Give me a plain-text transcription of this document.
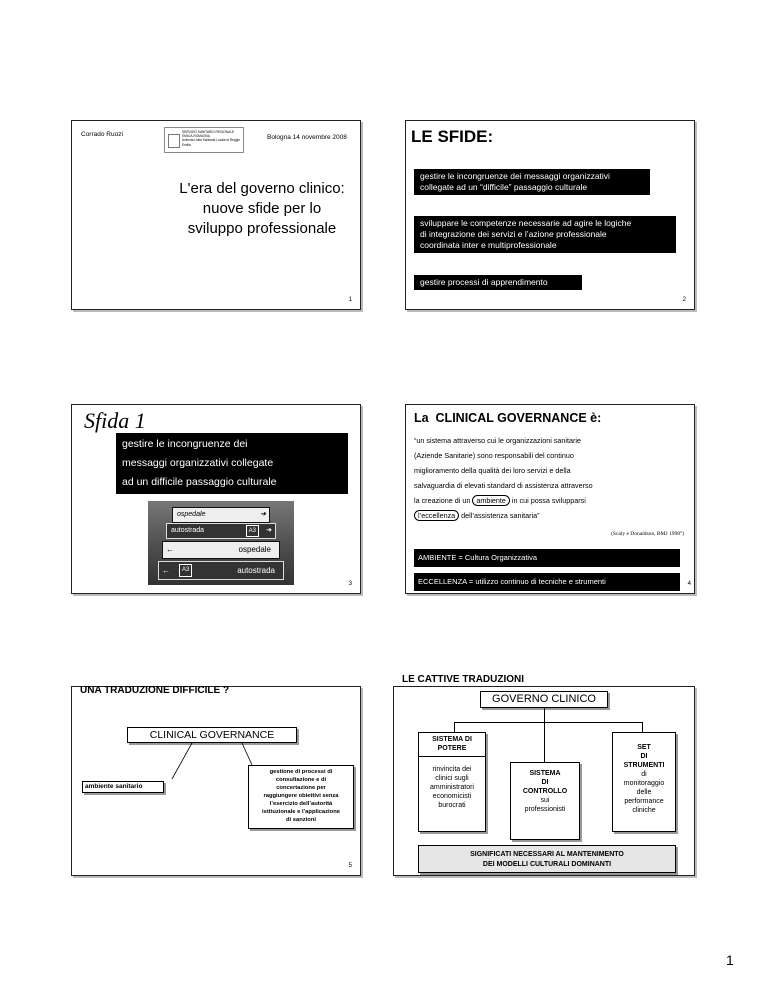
Corrado Ruozi	SERVIZIO SANITARIO REGIONALE
EMILIA-ROMAGNA
Azienda Unità Sanitaria Locale di Reggio Emilia
Bologna 14 novembre 2008
L'era del governo clinico:
nuove sfide per lo
sviluppo professionale
1
LE SFIDE:
gestire le incongruenze dei messaggi organizzativi
collegate ad un “difficile” passaggio culturale
sviluppare le competenze necessarie ad agire le logiche
di integrazione dei servizi e l’azione professionale
coordinata inter e multiprofessionale
gestire processi di apprendimento
2
Sfida 1
gestire le incongruenze dei
messaggi organizzativi collegate
ad un difficile passaggio culturale
ospedale	➜
autostrada	A3	➜
←	ospedale
←	A3	autostrada
3
La  CLINICAL GOVERNANCE è:
“un sistema attraverso cui le organizzazioni sanitarie
(Aziende Sanitarie) sono responsabili del continuo
miglioramento della qualità dei loro servizi e della
salvaguardia di elevati standard di assistenza attraverso
la creazione di un ambiente in cui possa svilupparsi
l’eccellenza dell’assistenza sanitaria”
(Scaly e Donaldson, BMJ 1998°)
AMBIENTE = Cultura Organizzativa
ECCELLENZA = utilizzo continuo di tecniche e strumenti	4
UNA TRADUZIONE DIFFICILE ?
CLINICAL GOVERNANCE
ambiente sanitario
gestione di processi di
consultazione e di
concertazione per
raggiungere obiettivi senza
l’esercizio dell’autorità
istituzionale e l’applicazione
di sanzioni
5
LE CATTIVE TRADUZIONI
GOVERNO CLINICO
SISTEMA DI
POTERE
rinvincita dei
clinici sugli
amministratori
economicisti
burocrati
SISTEMA
DI
CONTROLLO
sui
professionisti
SET
DI
STRUMENTI
di
monitoraggio
delle
performance
cliniche
SIGNIFICATI NECESSARI AL MANTENIMENTO
DEI MODELLI CULTURALI DOMINANTI
1
